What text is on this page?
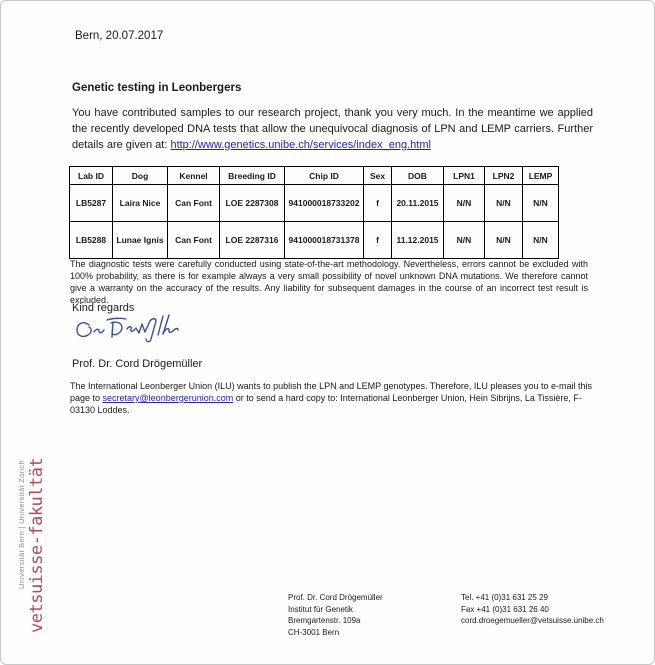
Bern, 20.07.2017
Genetic testing in Leonbergers

You have contributed samples to our research project, thank you very much. In the meantime we applied the recently developed DNA tests that allow the unequivocal diagnosis of LPN and LEMP carriers. Further details are given at: http://www.genetics.unibe.ch/services/index_eng.html

Lab ID	Dog	Kennel	Breeding ID	Chip ID	Sex	DOB	LPN1	LPN2	LEMP
LB5287	Laira Nice	Can Font	LOE 2287308	941000018733202	f	20.11.2015	N/N	N/N	N/N
LB5288	Lunae Ignis	Can Font	LOE 2287316	941000018731378	f	11.12.2015	N/N	N/N	N/N

The diagnostic tests were carefully conducted using state-of-the-art methodology. Nevertheless, errors cannot be excluded with 100% probability, as there is for example always a very small possibility of novel unknown DNA mutations. We therefore cannot give a warranty on the accuracy of the results. Any liability for subsequent damages in the course of an incorrect test result is excluded.

Kind regards
Prof. Dr. Cord Drögemüller

The International Leonberger Union (ILU) wants to publish the LPN and LEMP genotypes. Therefore, ILU pleases you to e-mail this page to secretary@leonbergerunion.com or to send a hard copy to: International Leonberger Union, Hein Sibrijns, La Tissière, F-03130 Loddes.

Universität Bern | Universität Zürich vetsuisse-fakultät	Prof. Dr. Cord Drögemüller
Institut für Genetik
Bremgartenstr. 109a
CH-3001 Bern
Tel. +41 (0)31 631 25 29
Fax +41 (0)31 631 26 40
cord.droegemueller@vetsuisse.unibe.ch
